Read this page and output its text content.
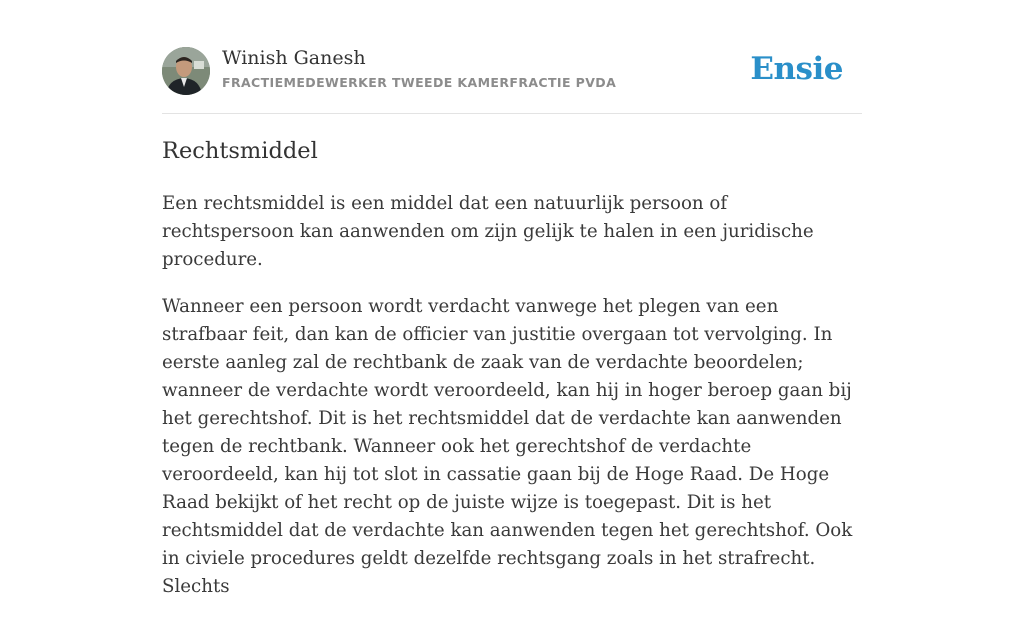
Winish Ganesh
FRACTIEMEDEWERKER TWEEDE KAMERFRACTIE PVDA	Ensie
Rechtsmiddel

Een rechtsmiddel is een middel dat een natuurlijk persoon of rechtspersoon kan aanwenden om zijn gelijk te halen in een juridische procedure.

Wanneer een persoon wordt verdacht vanwege het plegen van een strafbaar feit, dan kan de officier van justitie overgaan tot vervolging. In eerste aanleg zal de rechtbank de zaak van de verdachte beoordelen; wanneer de verdachte wordt veroordeeld, kan hij in hoger beroep gaan bij het gerechtshof. Dit is het rechtsmiddel dat de verdachte kan aanwenden tegen de rechtbank. Wanneer ook het gerechtshof de verdachte veroordeeld, kan hij tot slot in cassatie gaan bij de Hoge Raad. De Hoge Raad bekijkt of het recht op de juiste wijze is toegepast. Dit is het rechtsmiddel dat de verdachte kan aanwenden tegen het gerechtshof. Ook in civiele procedures geldt dezelfde rechtsgang zoals in het strafrecht. Slechts
